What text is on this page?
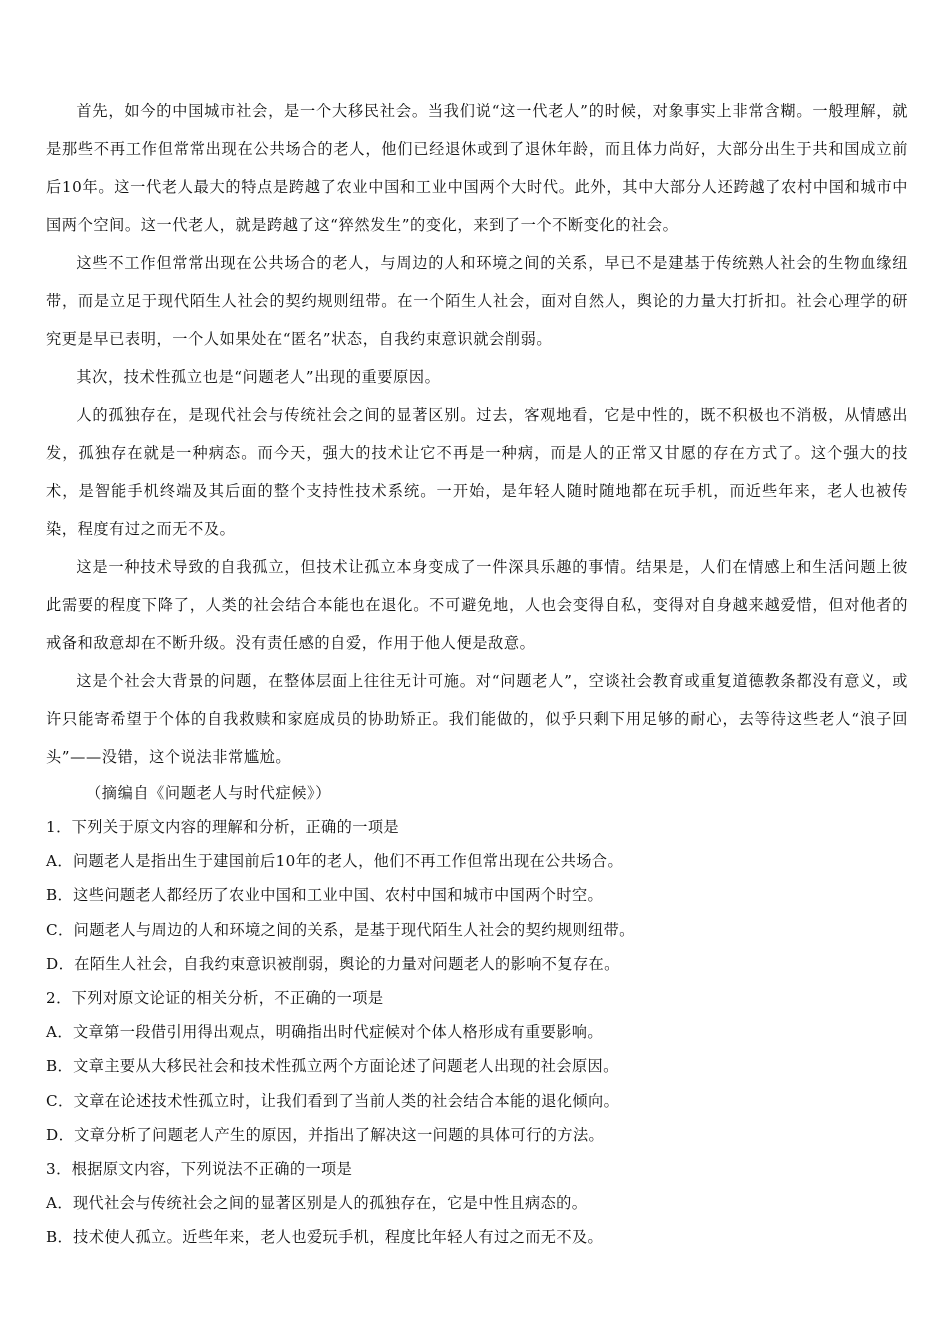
首先，如今的中国城市社会，是一个大移民社会。当我们说“这一代老人”的时候，对象事实上非常含糊。一般理解，就是那些不再工作但常常出现在公共场合的老人，他们已经退休或到了退休年龄，而且体力尚好，大部分出生于共和国成立前后10年。这一代老人最大的特点是跨越了农业中国和工业中国两个大时代。此外，其中大部分人还跨越了农村中国和城市中国两个空间。这一代老人，就是跨越了这“猝然发生”的变化，来到了一个不断变化的社会。

这些不工作但常常出现在公共场合的老人，与周边的人和环境之间的关系，早已不是建基于传统熟人社会的生物血缘纽带，而是立足于现代陌生人社会的契约规则纽带。在一个陌生人社会，面对自然人，舆论的力量大打折扣。社会心理学的研究更是早已表明，一个人如果处在“匿名”状态，自我约束意识就会削弱。

其次，技术性孤立也是“问题老人”出现的重要原因。

人的孤独存在，是现代社会与传统社会之间的显著区别。过去，客观地看，它是中性的，既不积极也不消极，从情感出发，孤独存在就是一种病态。而今天，强大的技术让它不再是一种病，而是人的正常又甘愿的存在方式了。这个强大的技术，是智能手机终端及其后面的整个支持性技术系统。一开始，是年轻人随时随地都在玩手机，而近些年来，老人也被传染，程度有过之而无不及。

这是一种技术导致的自我孤立，但技术让孤立本身变成了一件深具乐趣的事情。结果是，人们在情感上和生活问题上彼此需要的程度下降了，人类的社会结合本能也在退化。不可避免地，人也会变得自私，变得对自身越来越爱惜，但对他者的戒备和敌意却在不断升级。没有责任感的自爱，作用于他人便是敌意。

这是个社会大背景的问题，在整体层面上往往无计可施。对“问题老人”，空谈社会教育或重复道德教条都没有意义，或许只能寄希望于个体的自我救赎和家庭成员的协助矫正。我们能做的，似乎只剩下用足够的耐心，去等待这些老人“浪子回头”——没错，这个说法非常尴尬。

（摘编自《问题老人与时代症候》）

1．下列关于原文内容的理解和分析，正确的一项是

A．问题老人是指出生于建国前后10年的老人，他们不再工作但常出现在公共场合。

B．这些问题老人都经历了农业中国和工业中国、农村中国和城市中国两个时空。

C．问题老人与周边的人和环境之间的关系，是基于现代陌生人社会的契约规则纽带。

D．在陌生人社会，自我约束意识被削弱，舆论的力量对问题老人的影响不复存在。

2．下列对原文论证的相关分析，不正确的一项是

A．文章第一段借引用得出观点，明确指出时代症候对个体人格形成有重要影响。

B．文章主要从大移民社会和技术性孤立两个方面论述了问题老人出现的社会原因。

C．文章在论述技术性孤立时，让我们看到了当前人类的社会结合本能的退化倾向。

D．文章分析了问题老人产生的原因，并指出了解决这一问题的具体可行的方法。

3．根据原文内容，下列说法不正确的一项是

A．现代社会与传统社会之间的显著区别是人的孤独存在，它是中性且病态的。

B．技术使人孤立。近些年来，老人也爱玩手机，程度比年轻人有过之而无不及。
